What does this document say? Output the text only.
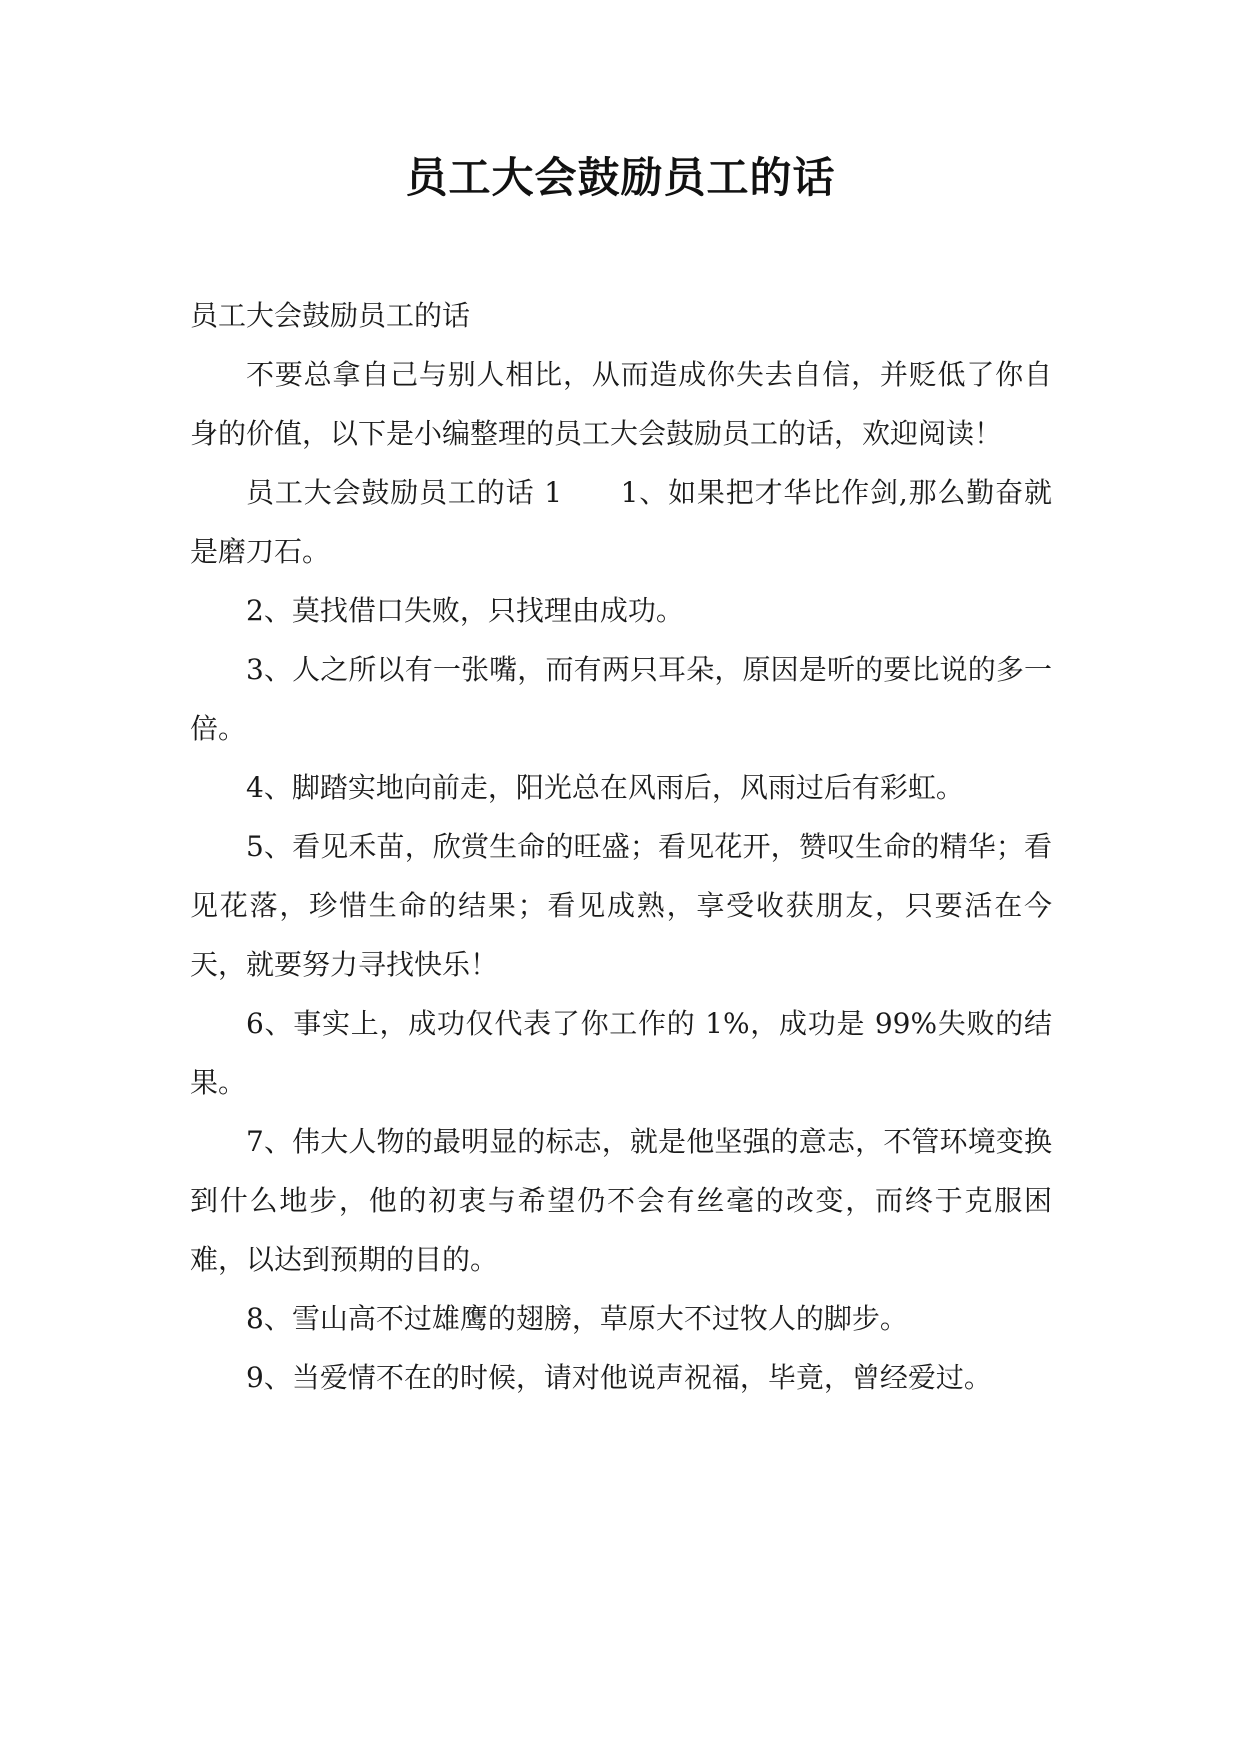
员工大会鼓励员工的话

员工大会鼓励员工的话

不要总拿自己与别人相比，从而造成你失去自信，并贬低了你自身的价值，以下是小编整理的员工大会鼓励员工的话，欢迎阅读！

员工大会鼓励员工的话 1　　1、如果把才华比作剑,那么勤奋就是磨刀石。

2、莫找借口失败，只找理由成功。

3、人之所以有一张嘴，而有两只耳朵，原因是听的要比说的多一倍。

4、脚踏实地向前走，阳光总在风雨后，风雨过后有彩虹。

5、看见禾苗，欣赏生命的旺盛；看见花开，赞叹生命的精华；看见花落，珍惜生命的结果；看见成熟，享受收获朋友，只要活在今天，就要努力寻找快乐！

6、事实上，成功仅代表了你工作的 1%，成功是 99%失败的结果。

7、伟大人物的最明显的标志，就是他坚强的意志，不管环境变换到什么地步，他的初衷与希望仍不会有丝毫的改变，而终于克服困难，以达到预期的目的。

8、雪山高不过雄鹰的翅膀，草原大不过牧人的脚步。

9、当爱情不在的时候，请对他说声祝福，毕竟，曾经爱过。
